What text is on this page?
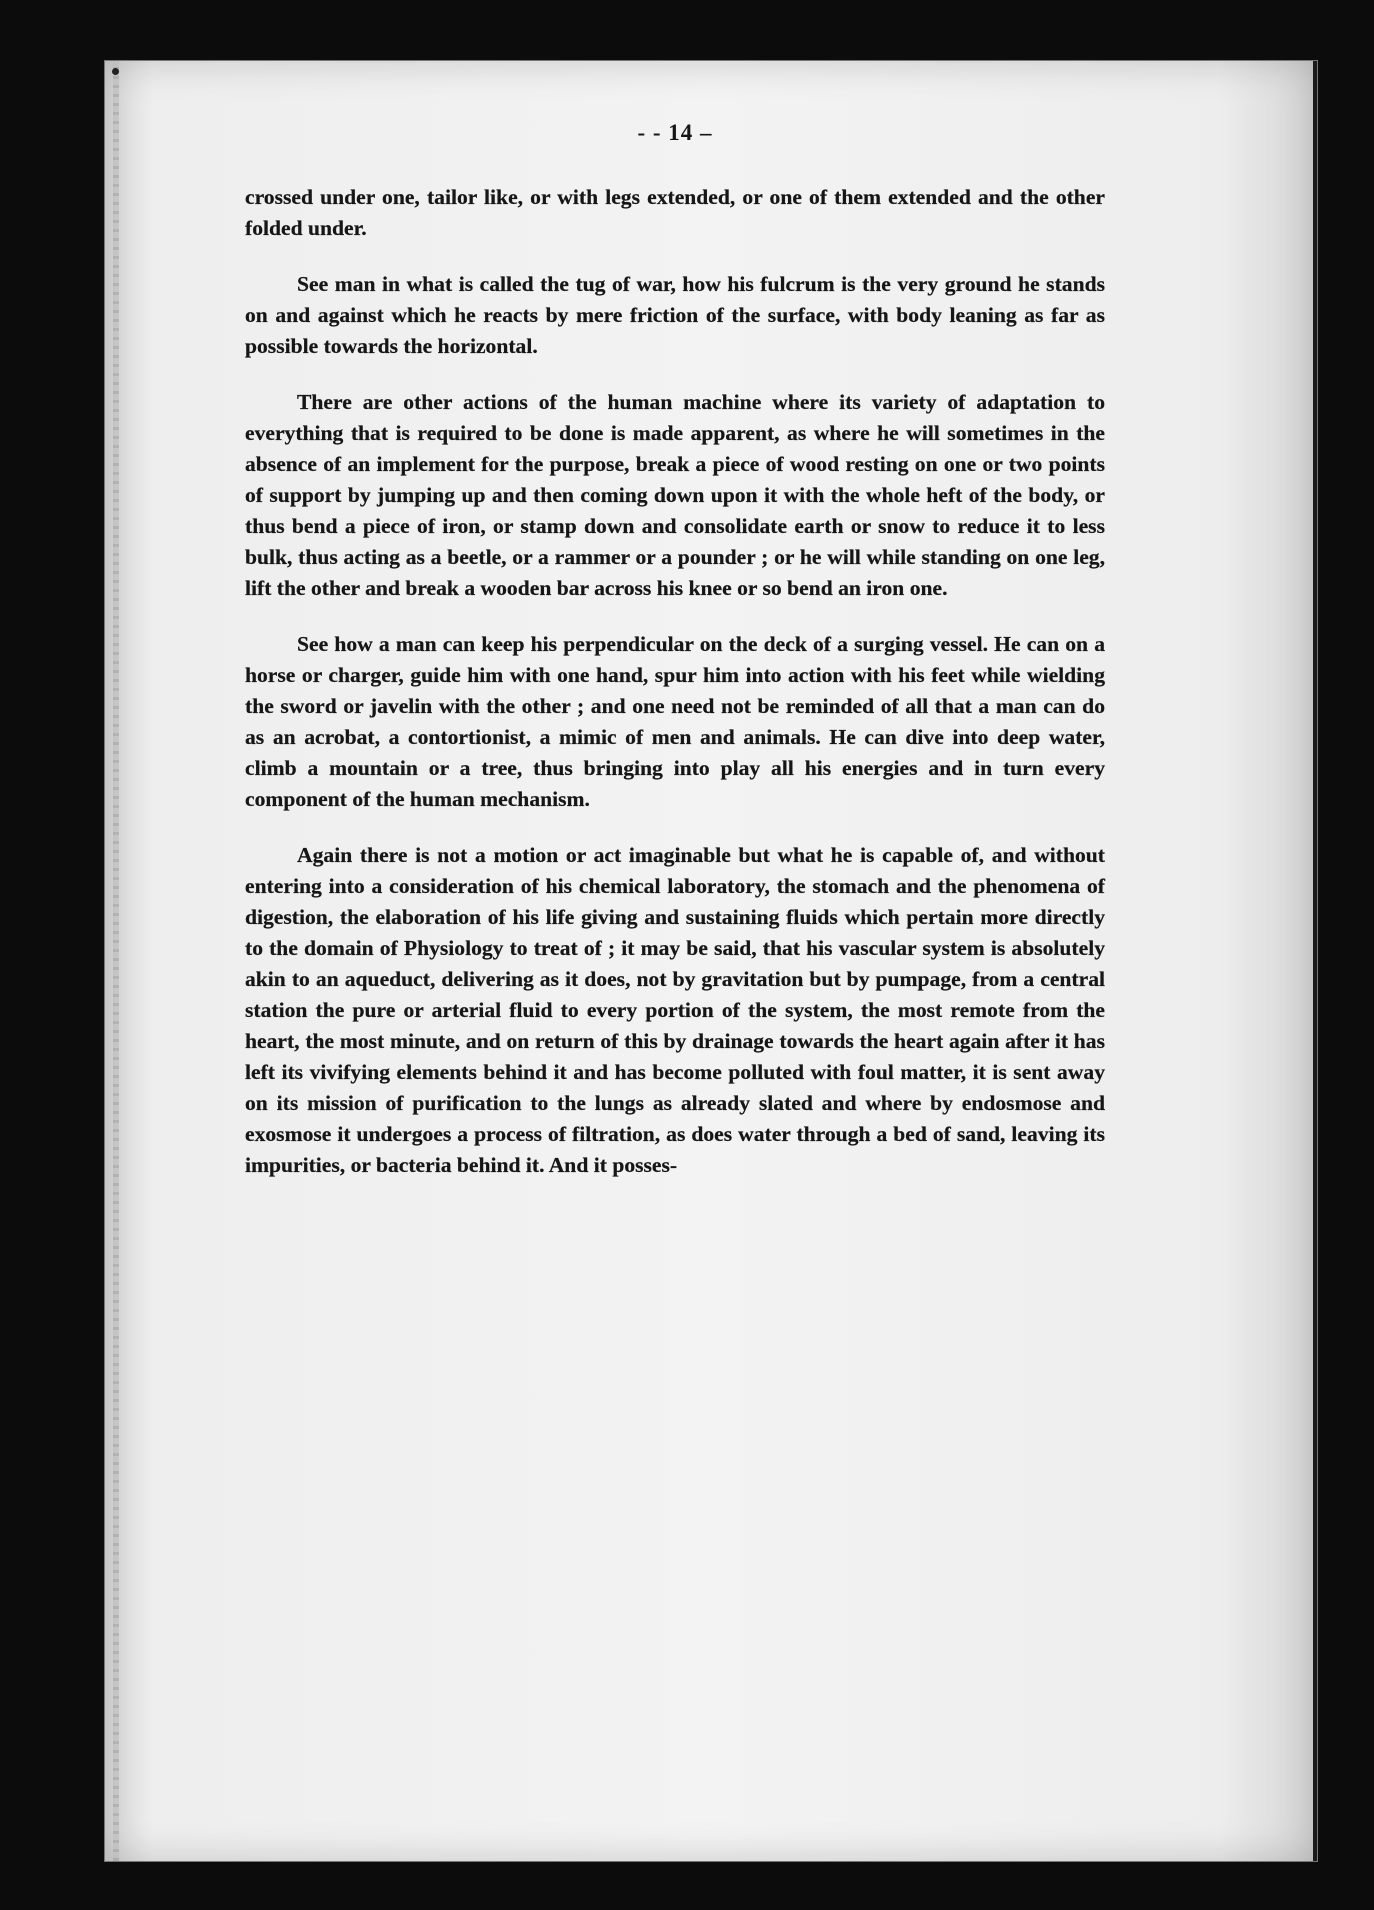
- - 14 –

crossed under one, tailor like, or with legs extended, or one of them extended and the other folded under.

See man in what is called the tug of war, how his fulcrum is the very ground he stands on and against which he reacts by mere friction of the surface, with body leaning as far as possible towards the horizontal.

There are other actions of the human machine where its variety of adaptation to everything that is required to be done is made apparent, as where he will sometimes in the absence of an implement for the purpose, break a piece of wood resting on one or two points of support by jumping up and then coming down upon it with the whole heft of the body, or thus bend a piece of iron, or stamp down and consolidate earth or snow to reduce it to less bulk, thus acting as a beetle, or a rammer or a pounder ; or he will while standing on one leg, lift the other and break a wooden bar across his knee or so bend an iron one.

See how a man can keep his perpendicular on the deck of a surging vessel. He can on a horse or charger, guide him with one hand, spur him into action with his feet while wielding the sword or javelin with the other ; and one need not be reminded of all that a man can do as an acrobat, a contortionist, a mimic of men and animals. He can dive into deep water, climb a mountain or a tree, thus bringing into play all his energies and in turn every component of the human mechanism.

Again there is not a motion or act imaginable but what he is capable of, and without entering into a consideration of his chemical laboratory, the stomach and the phenomena of digestion, the elaboration of his life giving and sustaining fluids which pertain more directly to the domain of Physiology to treat of ; it may be said, that his vascular system is absolutely akin to an aqueduct, delivering as it does, not by gravitation but by pumpage, from a central station the pure or arterial fluid to every portion of the system, the most remote from the heart, the most minute, and on return of this by drainage towards the heart again after it has left its vivifying elements behind it and has become polluted with foul matter, it is sent away on its mission of purification to the lungs as already slated and where by endosmose and exosmose it undergoes a process of filtration, as does water through a bed of sand, leaving its impurities, or bacteria behind it. And it posses-
